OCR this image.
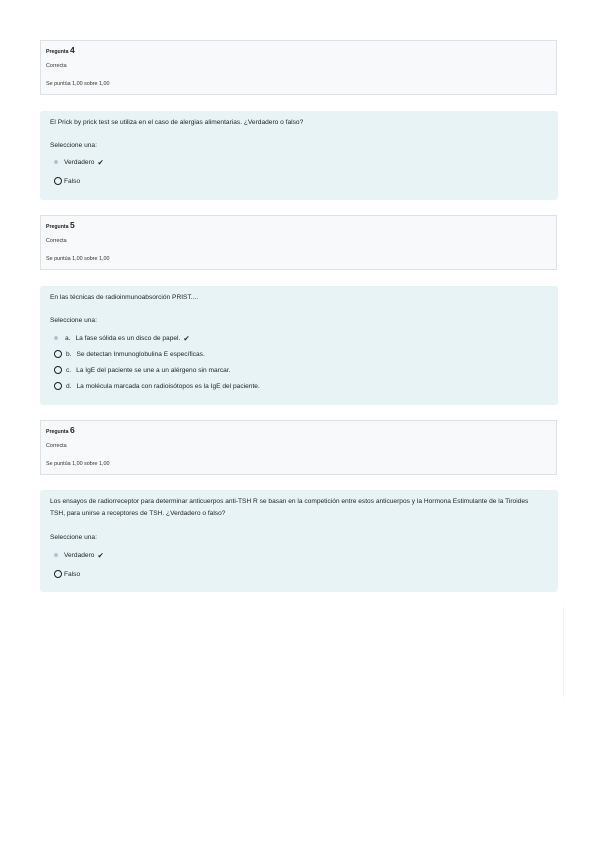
Pregunta 4
Correcta
Se puntúa 1,00 sobre 1,00
El Prick by prick test se utiliza en el caso de alergias alimentarias. ¿Verdadero o falso?
Seleccione una:
Verdadero ✔
Falso
Pregunta 5
Correcta
Se puntúa 1,00 sobre 1,00
En las técnicas de radioinmunoabsorción PRIST....
Seleccione una:
a. La fase sólida es un disco de papel. ✔
b. Se detectan Inmunoglobulina E específicas.
c. La IgE del paciente se une a un alérgeno sin marcar.
d. La molécula marcada con radioisótopos es la IgE del paciente.
Pregunta 6
Correcta
Se puntúa 1,00 sobre 1,00
Los ensayos de radiorreceptor para determinar anticuerpos anti-TSH R se basan en la competición entre estos anticuerpos y la Hormona Estimulante de la Tiroides TSH, para unirse a receptores de TSH. ¿Verdadero o falso?
Seleccione una:
Verdadero ✔
Falso
